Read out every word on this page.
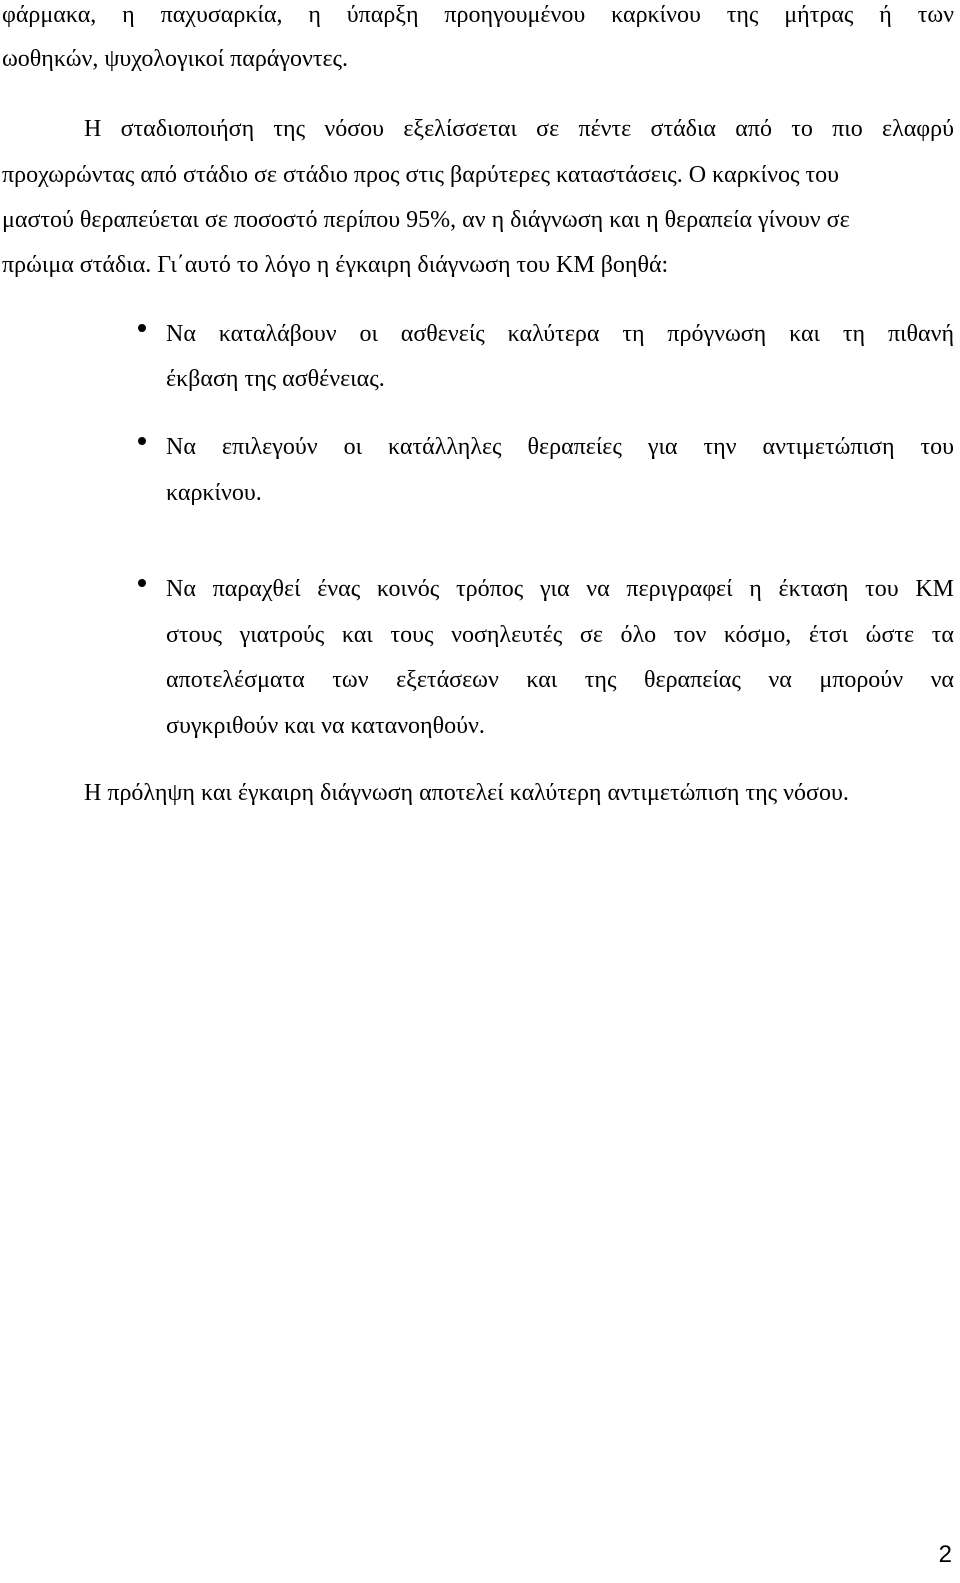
φάρμακα, η παχυσαρκία, η ύπαρξη προηγουμένου καρκίνου της μήτρας ή των
ωοθηκών, ψυχολογικοί παράγοντες.
Η σταδιοποιήση της νόσου εξελίσσεται σε πέντε στάδια από το πιο ελαφρύ
προχωρώντας από στάδιο σε στάδιο προς στις βαρύτερες καταστάσεις. Ο καρκίνος του
μαστού θεραπεύεται σε ποσοστό περίπου 95%, αν η διάγνωση και η θεραπεία γίνουν σε
πρώιμα στάδια. Γι΄αυτό το λόγο η έγκαιρη διάγνωση του ΚΜ βοηθά:
Να καταλάβουν οι ασθενείς καλύτερα τη πρόγνωση και τη πιθανή
έκβαση της ασθένειας.
Να επιλεγούν οι κατάλληλες θεραπείες για την αντιμετώπιση του
καρκίνου.
Να παραχθεί ένας κοινός τρόπος για να περιγραφεί η έκταση του ΚΜ
στους γιατρούς και τους νοσηλευτές σε όλο τον κόσμο, έτσι ώστε τα
αποτελέσματα των εξετάσεων και της θεραπείας να μπορούν να
συγκριθούν και να κατανοηθούν.
Η πρόληψη και έγκαιρη διάγνωση αποτελεί καλύτερη αντιμετώπιση της νόσου.
2
